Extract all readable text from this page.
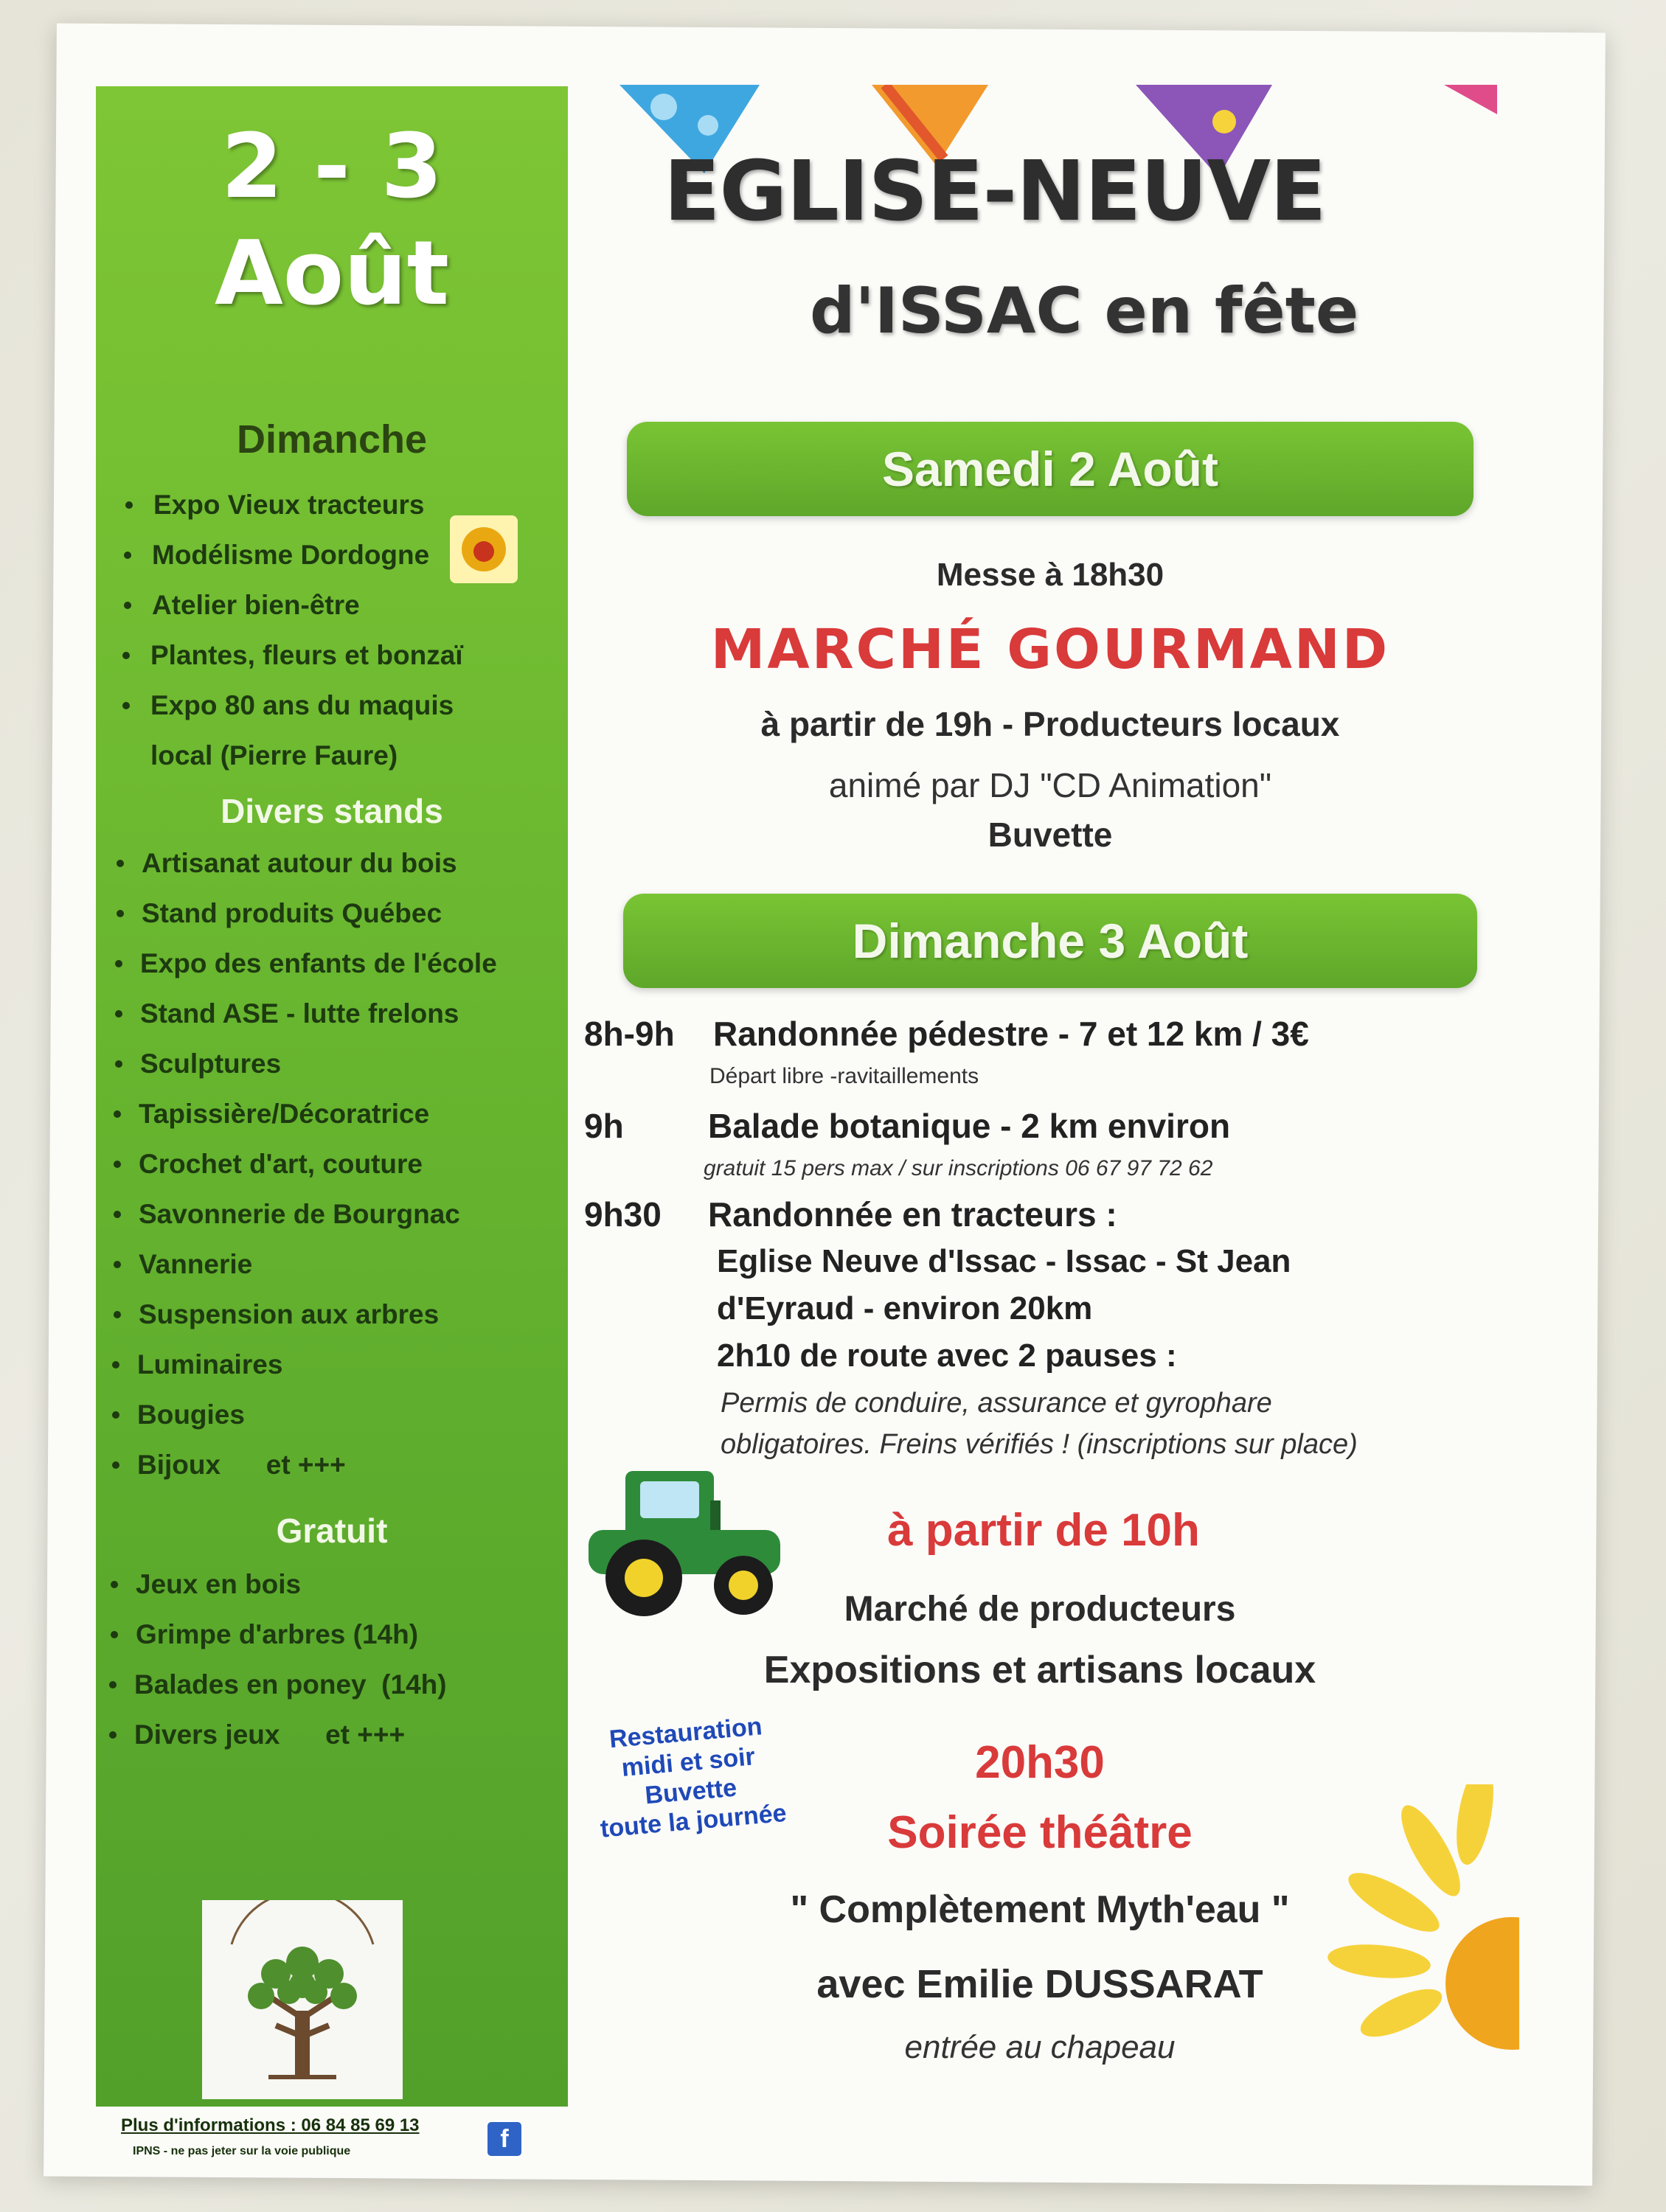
2 - 3
Août
Dimanche
Expo Vieux tracteurs
Modélisme Dordogne
Atelier bien-être
Plantes, fleurs et bonzaï
Expo 80 ans du maquis
local (Pierre Faure)
Divers stands
Artisanat autour du bois
Stand produits Québec
Expo des enfants de l'école
Stand ASE - lutte frelons
Sculptures
Tapissière/Décoratrice
Crochet d'art, couture
Savonnerie de Bourgnac
Vannerie
Suspension aux arbres
Luminaires
Bougies
Bijoux      et +++
Gratuit
Jeux en bois
Grimpe d'arbres (14h)
Balades en poney  (14h)
Divers jeux      et +++
Plus d'informations : 06 84 85 69 13
IPNS - ne pas jeter sur la voie publique	f
EGLISE-NEUVE
d'ISSAC en fête
Samedi 2 Août
Messe à 18h30
MARCHÉ GOURMAND
à partir de 19h - Producteurs locaux
animé par DJ "CD Animation"
Buvette
Dimanche 3 Août
8h-9h Randonnée pédestre - 7 et 12 km / 3€
Départ libre -ravitaillements
9h Balade botanique - 2 km environ
gratuit 15 pers max / sur inscriptions 06 67 97 72 62
9h30 Randonnée en tracteurs :
Eglise Neuve d'Issac - Issac - St Jean
d'Eyraud - environ 20km
2h10 de route avec 2 pauses :
Permis de conduire, assurance et gyrophare
obligatoires. Freins vérifiés ! (inscriptions sur place)
à partir de 10h
Marché de producteurs
Expositions et artisans locaux
Restauration
midi et soir
Buvette
toute la journée
20h30
Soirée théâtre
" Complètement Myth'eau "
avec Emilie DUSSARAT
entrée au chapeau
